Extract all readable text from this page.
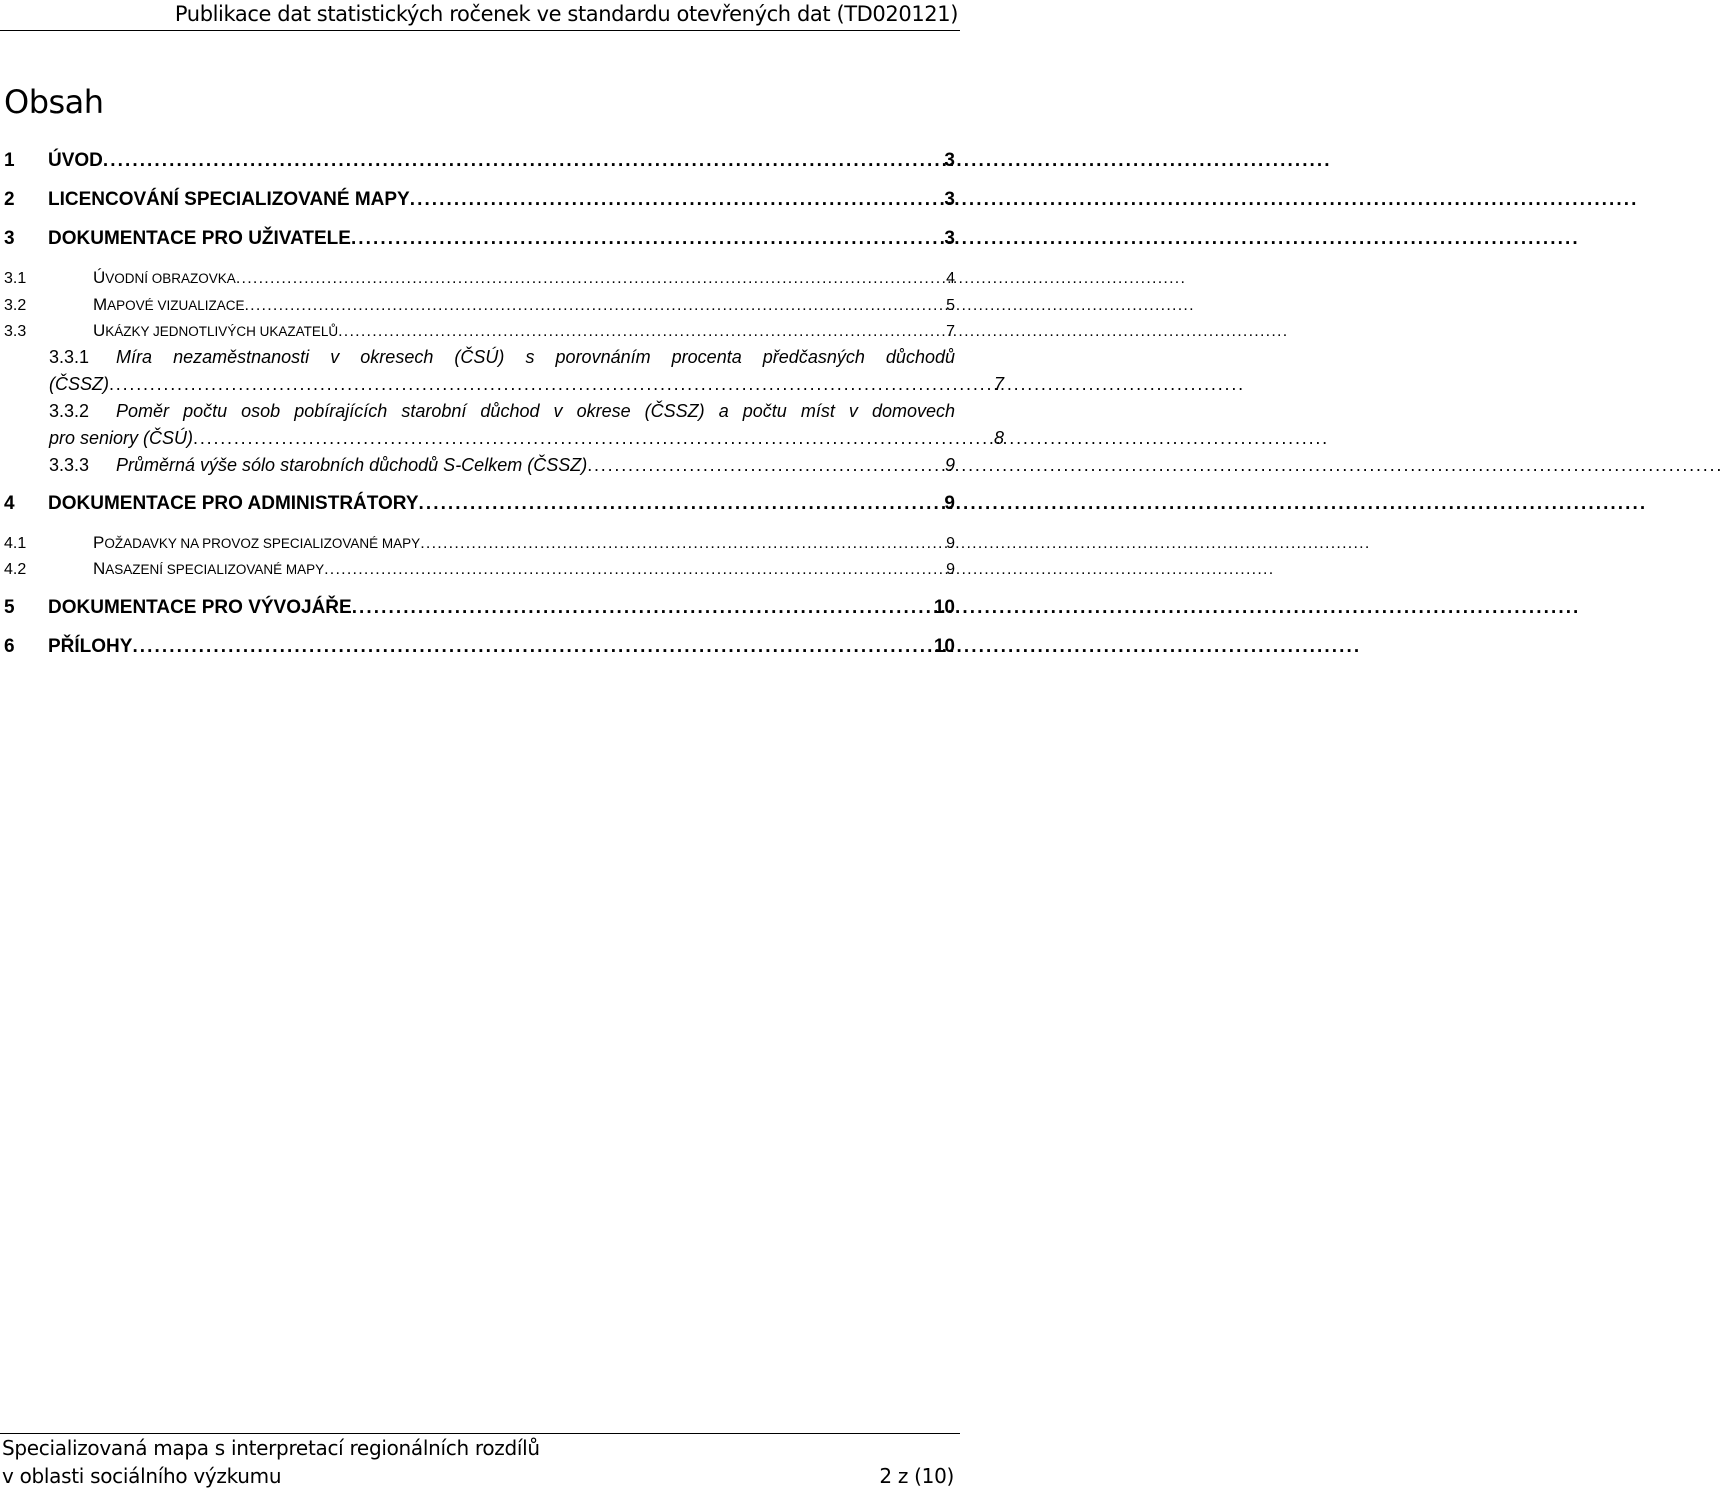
Publikace dat statistických ročenek ve standardu otevřených dat (TD020121)
Obsah
1	ÚVOD . . .	3
2	LICENCOVÁNÍ SPECIALIZOVANÉ MAPY . . .	3
3	DOKUMENTACE PRO UŽIVATELE . . .	3
3.1	ÚVODNÍ OBRAZOVKA . . .	4
3.2	MAPOVÉ VIZUALIZACE . . .	5
3.3	UKÁZKY JEDNOTLIVÝCH UKAZATELŮ . . .	7
3.3.1	Míra nezaměstnanosti v okresech (ČSÚ) s porovnáním procenta předčasných důchodů
(ČSSZ) . . .	7
3.3.2	Poměr počtu osob pobírajících starobní důchod v okrese (ČSSZ) a počtu míst v domovech
pro seniory (ČSÚ) . . .	8
3.3.3	Průměrná výše sólo starobních důchodů S-Celkem (ČSSZ) . . .	9
4	DOKUMENTACE PRO ADMINISTRÁTORY . . .	9
4.1	POŽADAVKY NA PROVOZ SPECIALIZOVANÉ MAPY . . .	9
4.2	NASAZENÍ SPECIALIZOVANÉ MAPY . . .	9
5	DOKUMENTACE PRO VÝVOJÁŘE . . .	10
6	PŘÍLOHY . . .	10
Specializovaná mapa s interpretací regionálních rozdílů
v oblasti sociálního výzkumu	2 z (10)
